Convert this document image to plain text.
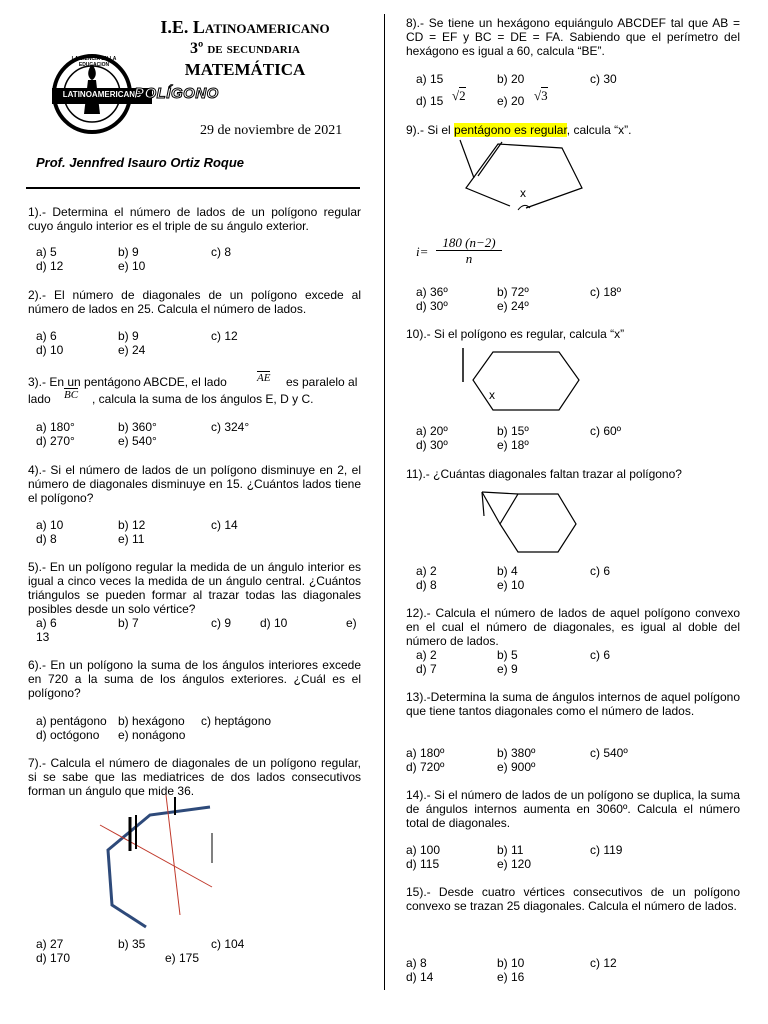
LA CIENCIA EN LA EDUCACION
LATINOAMERICANO
POLÍGONO
I.E. Latinoamericano
3º de secundaria
MATEMÁTICA
29 de noviembre de 2021
Prof. Jennfred Isauro Ortiz Roque
1).- Determina el número de lados de un polígono regular cuyo ángulo interior es el triple de su ángulo exterior.
a) 5	b) 9	c) 8
d) 12	e) 10
2).- El número de diagonales de un polígono excede al número de lados en 25. Calcula el número de lados.
a) 6	b) 9	c) 12
d) 10	e) 24
3).- En un pentágono ABCDE, el lado	AE es paralelo al
lado BC , calcula la suma de los ángulos E, D y C.
a) 180°	b) 360°	c) 324°
d) 270°	e) 540°
4).- Si el número de lados de un polígono disminuye en 2, el número de diagonales disminuye en 15. ¿Cuántos lados tiene el polígono?
a) 10	b) 12	c) 14
d) 8	e) 11
5).- En un polígono regular la medida de un ángulo interior es igual a cinco veces la medida de un ángulo central. ¿Cuántos triángulos se pueden formar al trazar todas las diagonales posibles desde un solo vértice?
a) 6	b) 7	c) 9 d) 10	e)
13
6).- En un polígono la suma de los ángulos interiores excede en 720 a la suma de los ángulos exteriores. ¿Cuál es el polígono?
a) pentágono b) hexágono c) heptágono
d) octógono e) nonágono
7).- Calcula el número de diagonales de un polígono regular, si se sabe que las mediatrices de dos lados consecutivos forman un ángulo que mide 36.
a) 27	b) 35	c) 104
d) 170	e) 175
8).- Se tiene un hexágono equiángulo ABCDEF tal que AB = CD = EF y BC = DE = FA. Sabiendo que el perímetro del hexágono es igual a 60, calcula “BE”.
a) 15	b) 20	c) 30
d) 15 √2	e) 20 √3
9).- Si el pentágono es regular, calcula “x”.
x
$i= \frac{180 (n-2)}{n}$
a) 36º	b) 72º	c) 18º
d) 30º	e) 24º
10).- Si el polígono es regular, calcula “x”
x
a) 20º	b) 15º	c) 60º
d) 30º	e) 18º
11).- ¿Cuántas diagonales faltan trazar al polígono?
a) 2	b) 4	c) 6
d) 8	e) 10
12).- Calcula el número de lados de aquel polígono convexo en el cual el número de diagonales, es igual al doble del número de lados.
a) 2	b) 5	c) 6
d) 7	e) 9
13).-Determina la suma de ángulos internos de aquel polígono que tiene tantos diagonales como el número de lados.
a) 180º	b) 380º	c) 540º
d) 720º	e) 900º
14).- Si el número de lados de un polígono se duplica, la suma de ángulos internos aumenta en 3060º. Calcula el número total de diagonales.
a) 100	b) 11	c) 119
d) 115	e) 120
15).- Desde cuatro vértices consecutivos de un polígono convexo se trazan 25 diagonales. Calcula el número de lados.
a) 8	b) 10	c) 12
d) 14	e) 16
